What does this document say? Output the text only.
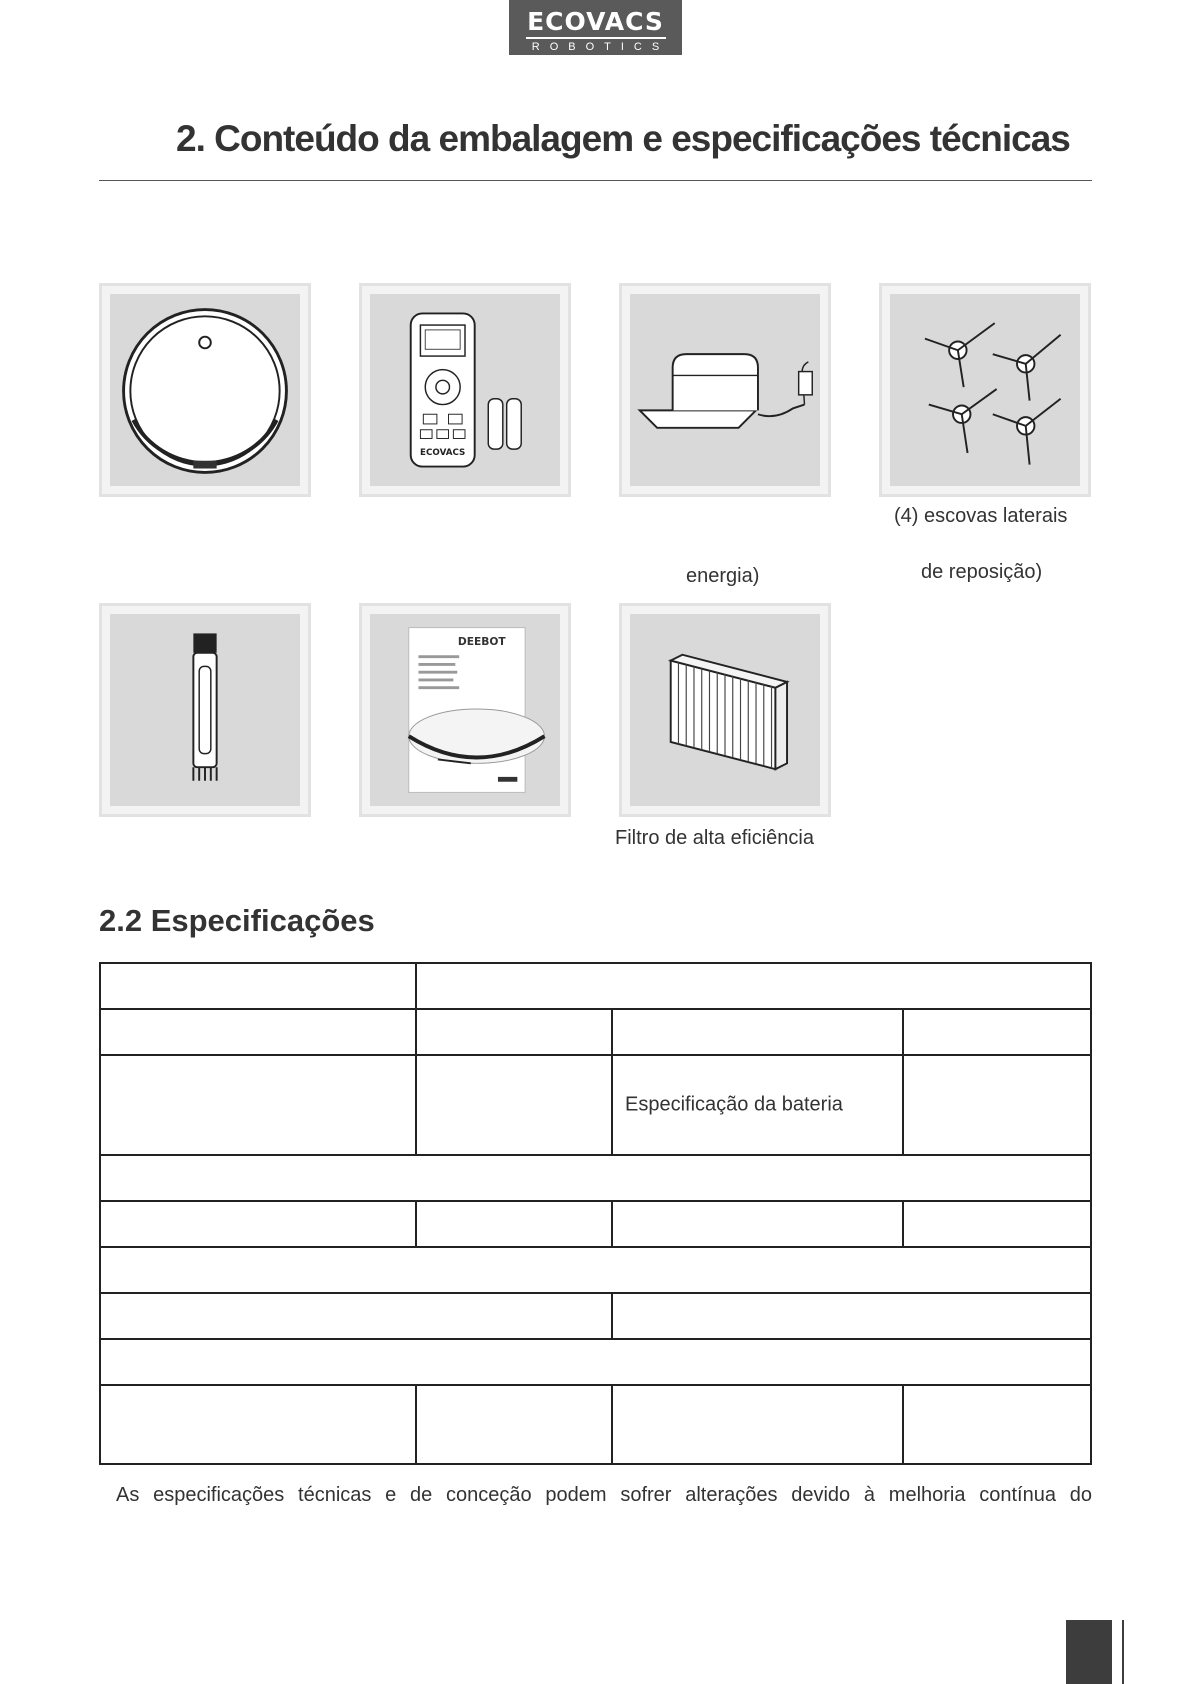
ECOVACS
ROBOTICS
2. Conteúdo da embalagem e especificações técnicas
ECOVACS
(4) escovas laterais
energia)	de reposição)
DEEBOT
Filtro de alta eficiência
2.2 Especificações
Especificação da bateria
As especificações técnicas e de conceção podem sofrer alterações devido à melhoria contínua do
